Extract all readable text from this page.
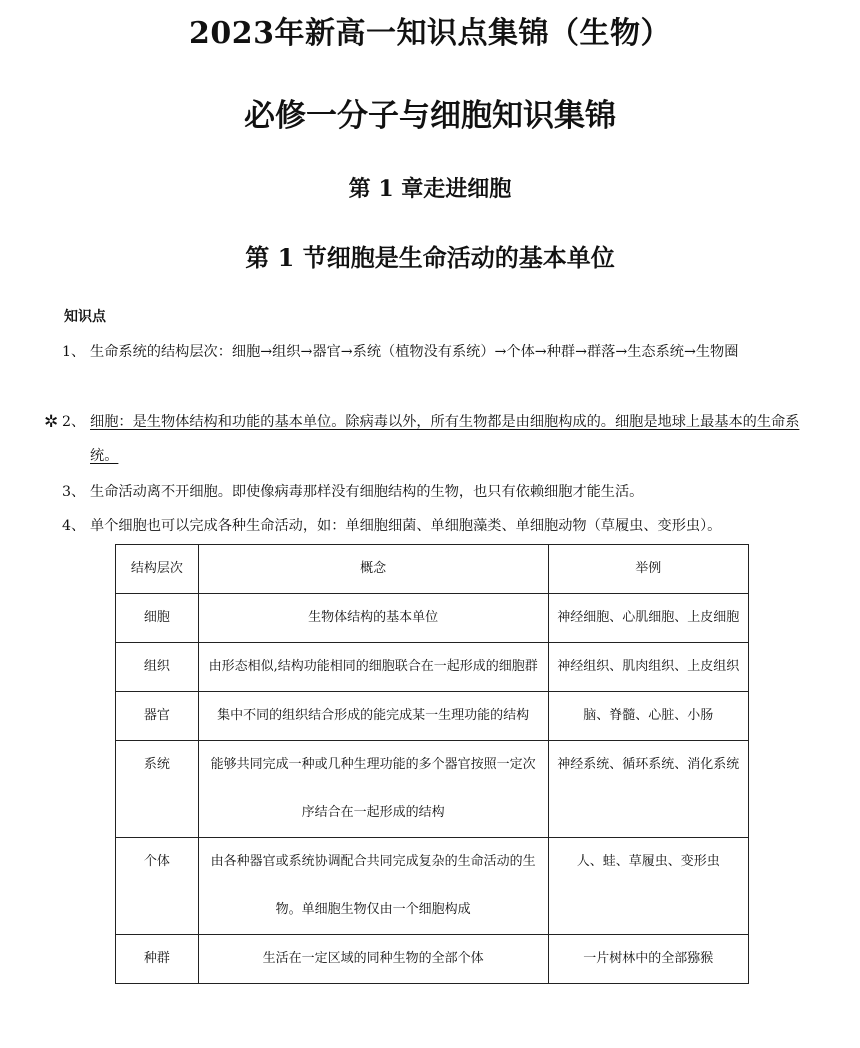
2023年新高一知识点集锦（生物）
必修一分子与细胞知识集锦
第 1 章走进细胞
第 1 节细胞是生命活动的基本单位
知识点
1、 生命系统的结构层次：细胞→组织→器官→系统（植物没有系统）→个体→种群→群落→生态系统→生物圈
✲ 2、 细胞：是生物体结构和功能的基本单位。除病毒以外，所有生物都是由细胞构成的。细胞是地球上最基本的生命系统。
3、 生命活动离不开细胞。即使像病毒那样没有细胞结构的生物，也只有依赖细胞才能生活。
4、 单个细胞也可以完成各种生命活动，如：单细胞细菌、单细胞藻类、单细胞动物（草履虫、变形虫）。
结构层次	概念	举例
细胞	生物体结构的基本单位	神经细胞、心肌细胞、上皮细胞
组织	由形态相似,结构功能相同的细胞联合在一起形成的细胞群	神经组织、肌肉组织、上皮组织
器官	集中不同的组织结合形成的能完成某一生理功能的结构	脑、脊髓、心脏、小肠
系统	能够共同完成一种或几种生理功能的多个器官按照一定次序结合在一起形成的结构	神经系统、循环系统、消化系统
个体	由各种器官或系统协调配合共同完成复杂的生命活动的生物。单细胞生物仅由一个细胞构成	人、蛙、草履虫、变形虫
种群	生活在一定区域的同种生物的全部个体	一片树林中的全部猕猴
